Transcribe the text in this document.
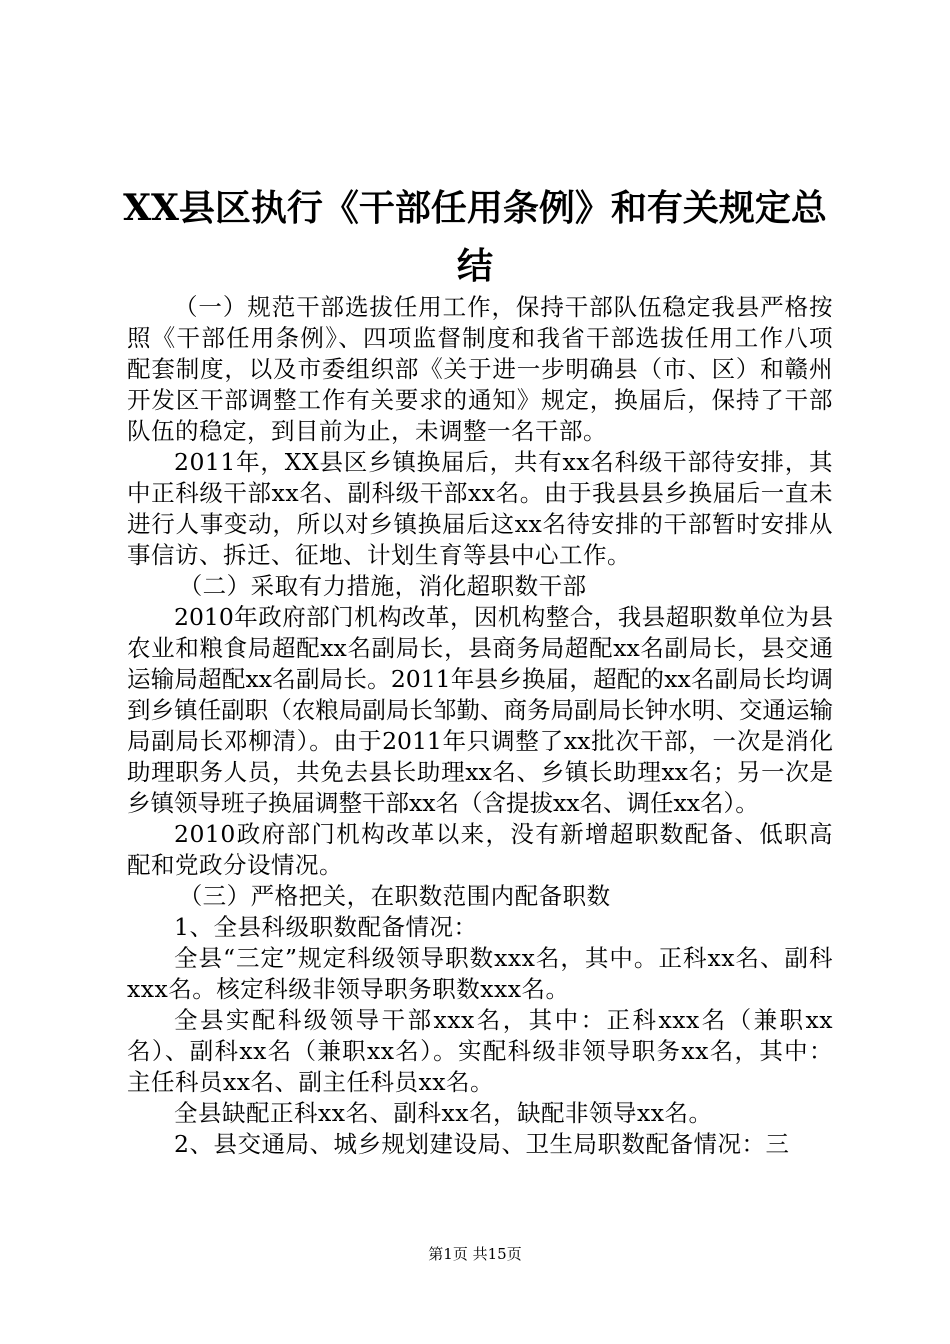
XX县区执行《干部任用条例》和有关规定总
结

（一）规范干部选拔任用工作，保持干部队伍稳定我县严格按照《干部任用条例》、四项监督制度和我省干部选拔任用工作八项配套制度，以及市委组织部《关于进一步明确县（市、区）和赣州开发区干部调整工作有关要求的通知》规定，换届后，保持了干部队伍的稳定，到目前为止，未调整一名干部。

2011年，XX县区乡镇换届后，共有xx名科级干部待安排，其中正科级干部xx名、副科级干部xx名。由于我县县乡换届后一直未进行人事变动，所以对乡镇换届后这xx名待安排的干部暂时安排从事信访、拆迁、征地、计划生育等县中心工作。

（二）采取有力措施，消化超职数干部

2010年政府部门机构改革，因机构整合，我县超职数单位为县农业和粮食局超配xx名副局长，县商务局超配xx名副局长，县交通运输局超配xx名副局长。2011年县乡换届，超配的xx名副局长均调到乡镇任副职（农粮局副局长邹勤、商务局副局长钟水明、交通运输局副局长邓柳清）。由于2011年只调整了xx批次干部，一次是消化助理职务人员，共免去县长助理xx名、乡镇长助理xx名；另一次是乡镇领导班子换届调整干部xx名（含提拔xx名、调任xx名）。

2010政府部门机构改革以来，没有新增超职数配备、低职高配和党政分设情况。

（三）严格把关，在职数范围内配备职数

1、全县科级职数配备情况：

全县“三定”规定科级领导职数xxx名，其中。正科xx名、副科xxx名。核定科级非领导职务职数xxx名。

全县实配科级领导干部xxx名，其中：正科xxx名（兼职xx名）、副科xx名（兼职xx名）。实配科级非领导职务xx名，其中：主任科员xx名、副主任科员xx名。

全县缺配正科xx名、副科xx名，缺配非领导xx名。

2、县交通局、城乡规划建设局、卫生局职数配备情况：三

第1页 共15页
